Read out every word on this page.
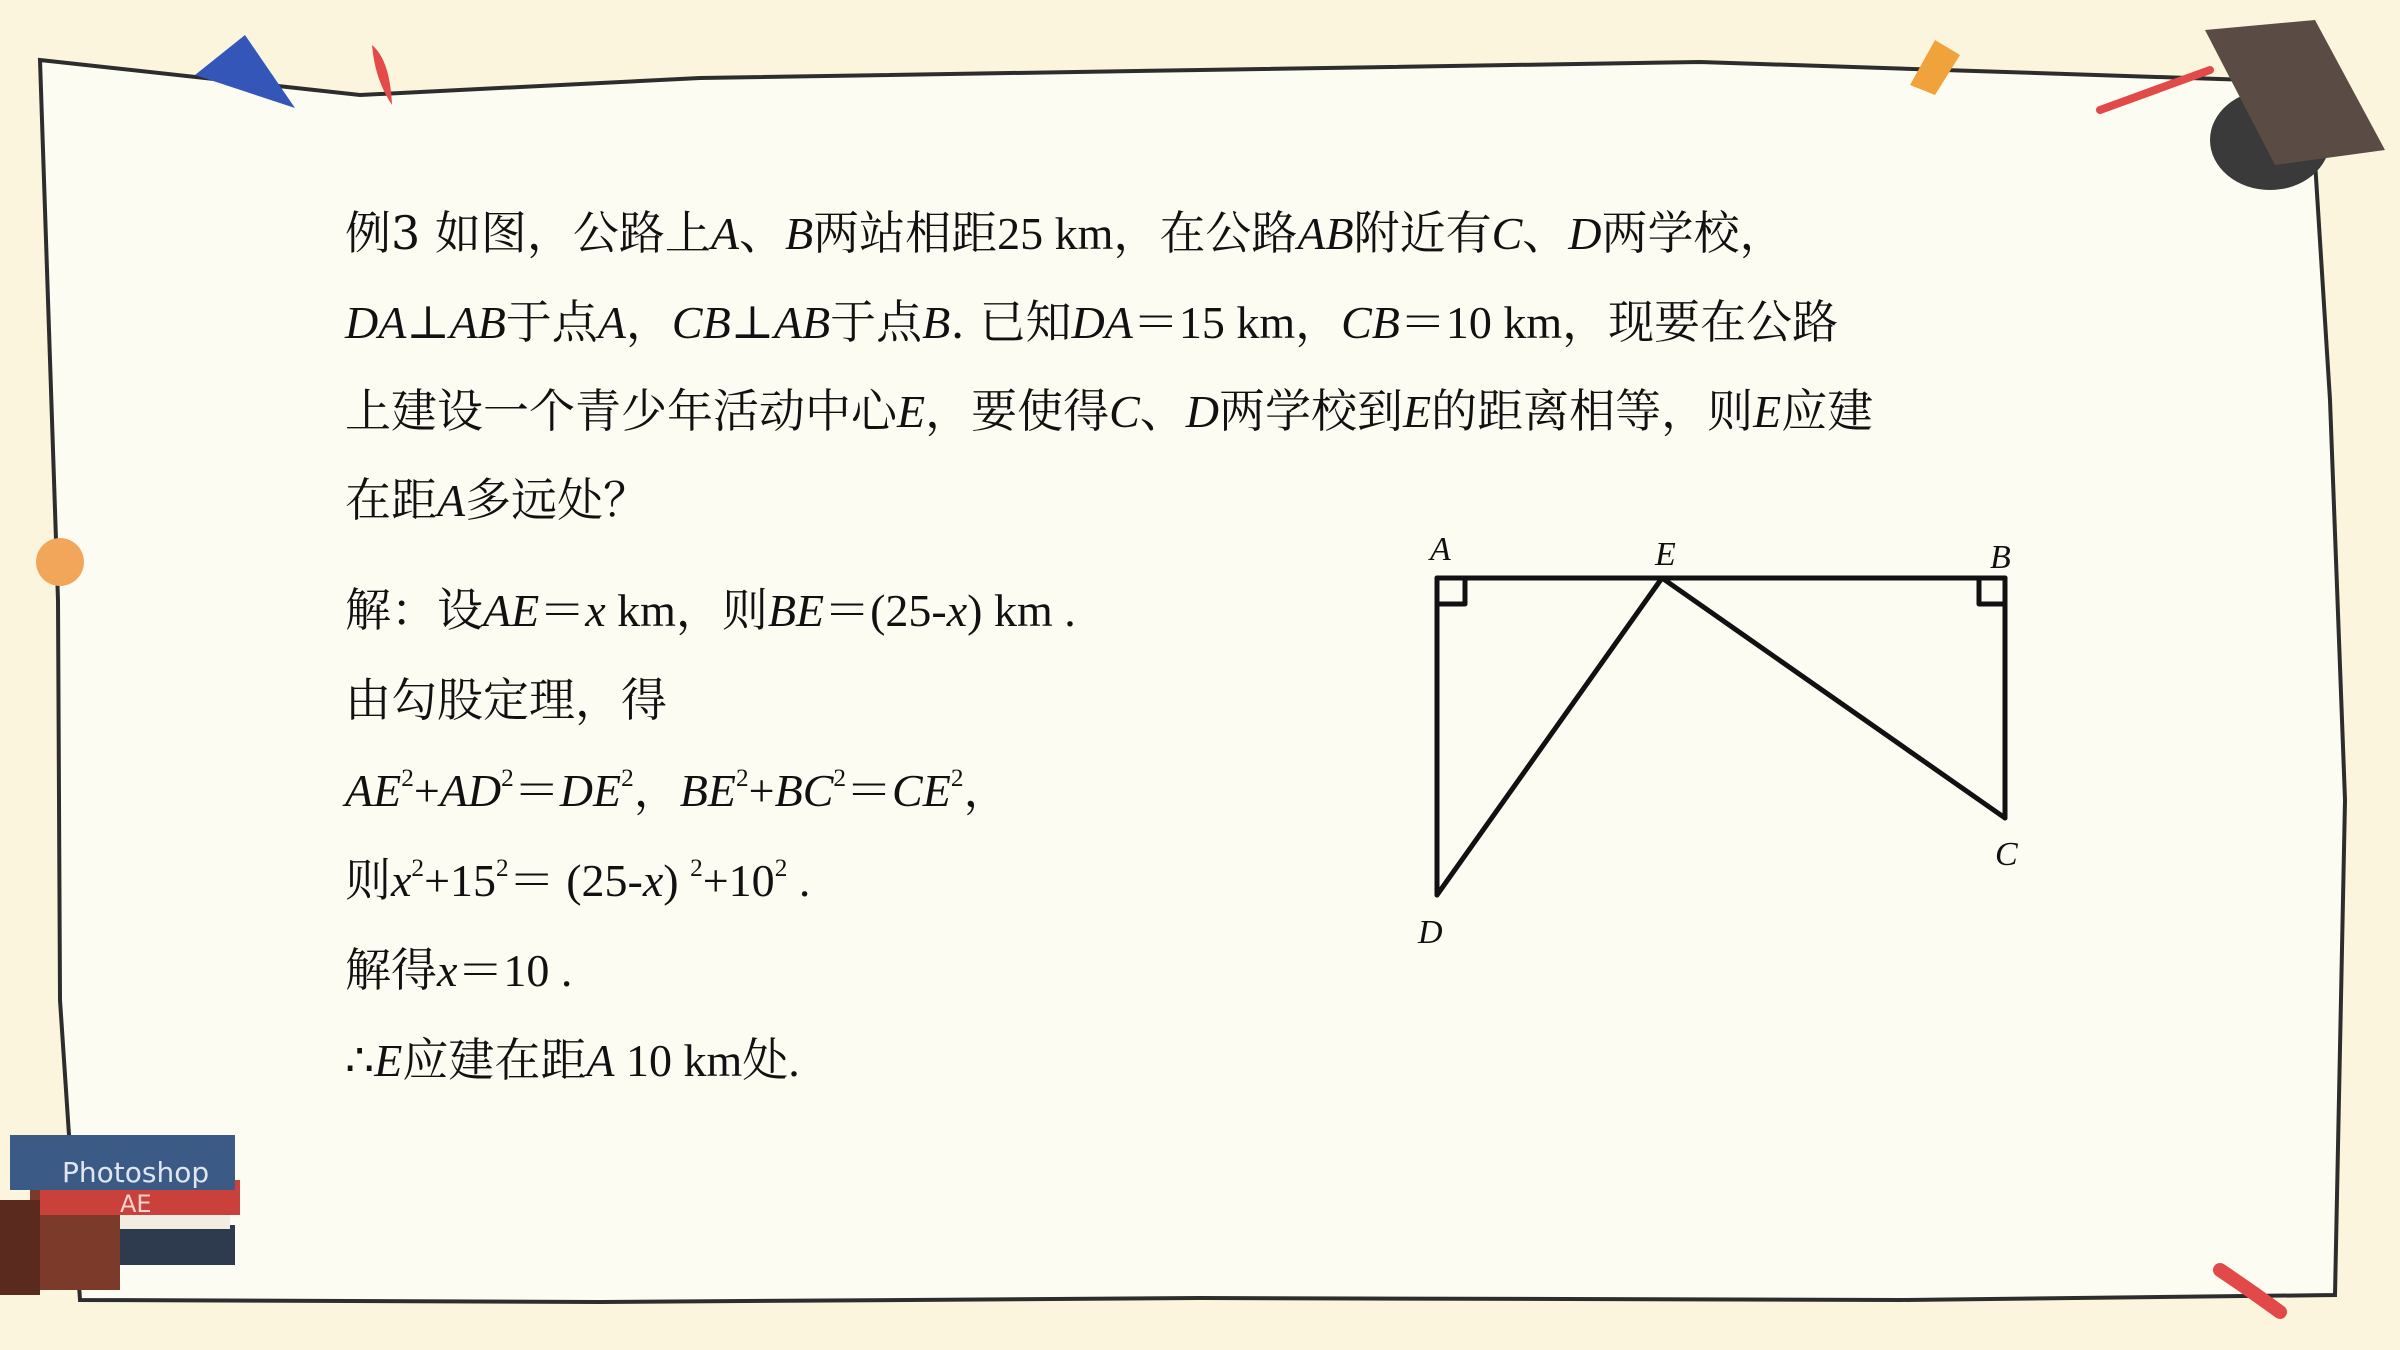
Photoshop
AE
例3 如图，公路上A、B两站相距25 km，在公路AB附近有C、D两学校，
DA⊥AB于点A，CB⊥AB于点B. 已知DA＝15 km，CB＝10 km，现要在公路
上建设一个青少年活动中心E，要使得C、D两学校到E的距离相等，则E应建
在距A多远处？
解：设AE＝x km，则BE＝(25-x) km .
由勾股定理，得
$AE^2+AD^2=DE^2$，$BE^2+BC^2=CE^2$，
则$x^2+15^2= (25-x)$ $^2+10^2$ .
解得x＝10 .
∴E应建在距A 10 km处.
A	E	B
C
D
